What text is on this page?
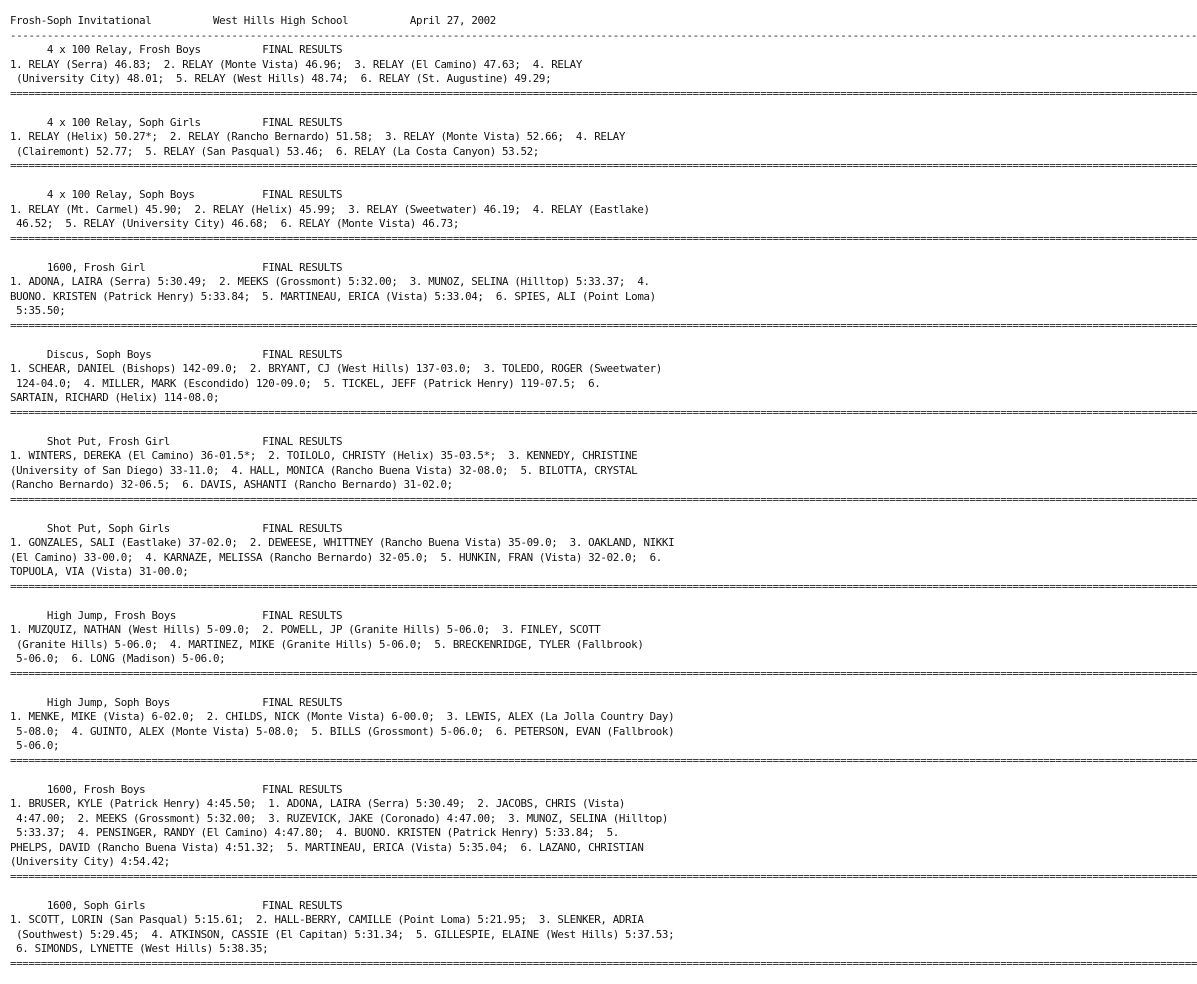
Frosh-Soph Invitational	West Hills High School	April 27, 2002
-------------------------------------------------------------------------------------------------------------------------------------------------------------------------------------------------
4 x 100 Relay, Frosh Boys	FINAL RESULTS
1. RELAY (Serra) 46.83;  2. RELAY (Monte Vista) 46.96;  3. RELAY (El Camino) 47.63;  4. RELAY
(University City) 48.01;  5. RELAY (West Hills) 48.74;  6. RELAY (St. Augustine) 49.29;
=================================================================================================================================================================================================
4 x 100 Relay, Soph Girls	FINAL RESULTS
1. RELAY (Helix) 50.27*;  2. RELAY (Rancho Bernardo) 51.58;  3. RELAY (Monte Vista) 52.66;  4. RELAY
(Clairemont) 52.77;  5. RELAY (San Pasqual) 53.46;  6. RELAY (La Costa Canyon) 53.52;
=================================================================================================================================================================================================
4 x 100 Relay, Soph Boys	FINAL RESULTS
1. RELAY (Mt. Carmel) 45.90;  2. RELAY (Helix) 45.99;  3. RELAY (Sweetwater) 46.19;  4. RELAY (Eastlake)
46.52;  5. RELAY (University City) 46.68;  6. RELAY (Monte Vista) 46.73;
=================================================================================================================================================================================================
1600, Frosh Girl	FINAL RESULTS
1. ADONA, LAIRA (Serra) 5:30.49;  2. MEEKS (Grossmont) 5:32.00;  3. MUNOZ, SELINA (Hilltop) 5:33.37;  4.
BUONO. KRISTEN (Patrick Henry) 5:33.84;  5. MARTINEAU, ERICA (Vista) 5:33.04;  6. SPIES, ALI (Point Loma)
5:35.50;
=================================================================================================================================================================================================
Discus, Soph Boys	FINAL RESULTS
1. SCHEAR, DANIEL (Bishops) 142-09.0;  2. BRYANT, CJ (West Hills) 137-03.0;  3. TOLEDO, ROGER (Sweetwater)
124-04.0;  4. MILLER, MARK (Escondido) 120-09.0;  5. TICKEL, JEFF (Patrick Henry) 119-07.5;  6.
SARTAIN, RICHARD (Helix) 114-08.0;
=================================================================================================================================================================================================
Shot Put, Frosh Girl	FINAL RESULTS
1. WINTERS, DEREKA (El Camino) 36-01.5*;  2. TOILOLO, CHRISTY (Helix) 35-03.5*;  3. KENNEDY, CHRISTINE
(University of San Diego) 33-11.0;  4. HALL, MONICA (Rancho Buena Vista) 32-08.0;  5. BILOTTA, CRYSTAL
(Rancho Bernardo) 32-06.5;  6. DAVIS, ASHANTI (Rancho Bernardo) 31-02.0;
=================================================================================================================================================================================================
Shot Put, Soph Girls	FINAL RESULTS
1. GONZALES, SALI (Eastlake) 37-02.0;  2. DEWEESE, WHITTNEY (Rancho Buena Vista) 35-09.0;  3. OAKLAND, NIKKI
(El Camino) 33-00.0;  4. KARNAZE, MELISSA (Rancho Bernardo) 32-05.0;  5. HUNKIN, FRAN (Vista) 32-02.0;  6.
TOPUOLA, VIA (Vista) 31-00.0;
=================================================================================================================================================================================================
High Jump, Frosh Boys	FINAL RESULTS
1. MUZQUIZ, NATHAN (West Hills) 5-09.0;  2. POWELL, JP (Granite Hills) 5-06.0;  3. FINLEY, SCOTT
(Granite Hills) 5-06.0;  4. MARTINEZ, MIKE (Granite Hills) 5-06.0;  5. BRECKENRIDGE, TYLER (Fallbrook)
5-06.0;  6. LONG (Madison) 5-06.0;
=================================================================================================================================================================================================
High Jump, Soph Boys	FINAL RESULTS
1. MENKE, MIKE (Vista) 6-02.0;  2. CHILDS, NICK (Monte Vista) 6-00.0;  3. LEWIS, ALEX (La Jolla Country Day)
5-08.0;  4. GUINTO, ALEX (Monte Vista) 5-08.0;  5. BILLS (Grossmont) 5-06.0;  6. PETERSON, EVAN (Fallbrook)
5-06.0;
=================================================================================================================================================================================================
1600, Frosh Boys	FINAL RESULTS
1. BRUSER, KYLE (Patrick Henry) 4:45.50;  1. ADONA, LAIRA (Serra) 5:30.49;  2. JACOBS, CHRIS (Vista)
4:47.00;  2. MEEKS (Grossmont) 5:32.00;  3. RUZEVICK, JAKE (Coronado) 4:47.00;  3. MUNOZ, SELINA (Hilltop)
5:33.37;  4. PENSINGER, RANDY (El Camino) 4:47.80;  4. BUONO. KRISTEN (Patrick Henry) 5:33.84;  5.
PHELPS, DAVID (Rancho Buena Vista) 4:51.32;  5. MARTINEAU, ERICA (Vista) 5:35.04;  6. LAZANO, CHRISTIAN
(University City) 4:54.42;
=================================================================================================================================================================================================
1600, Soph Girls	FINAL RESULTS
1. SCOTT, LORIN (San Pasqual) 5:15.61;  2. HALL-BERRY, CAMILLE (Point Loma) 5:21.95;  3. SLENKER, ADRIA
(Southwest) 5:29.45;  4. ATKINSON, CASSIE (El Capitan) 5:31.34;  5. GILLESPIE, ELAINE (West Hills) 5:37.53;
6. SIMONDS, LYNETTE (West Hills) 5:38.35;
=================================================================================================================================================================================================
